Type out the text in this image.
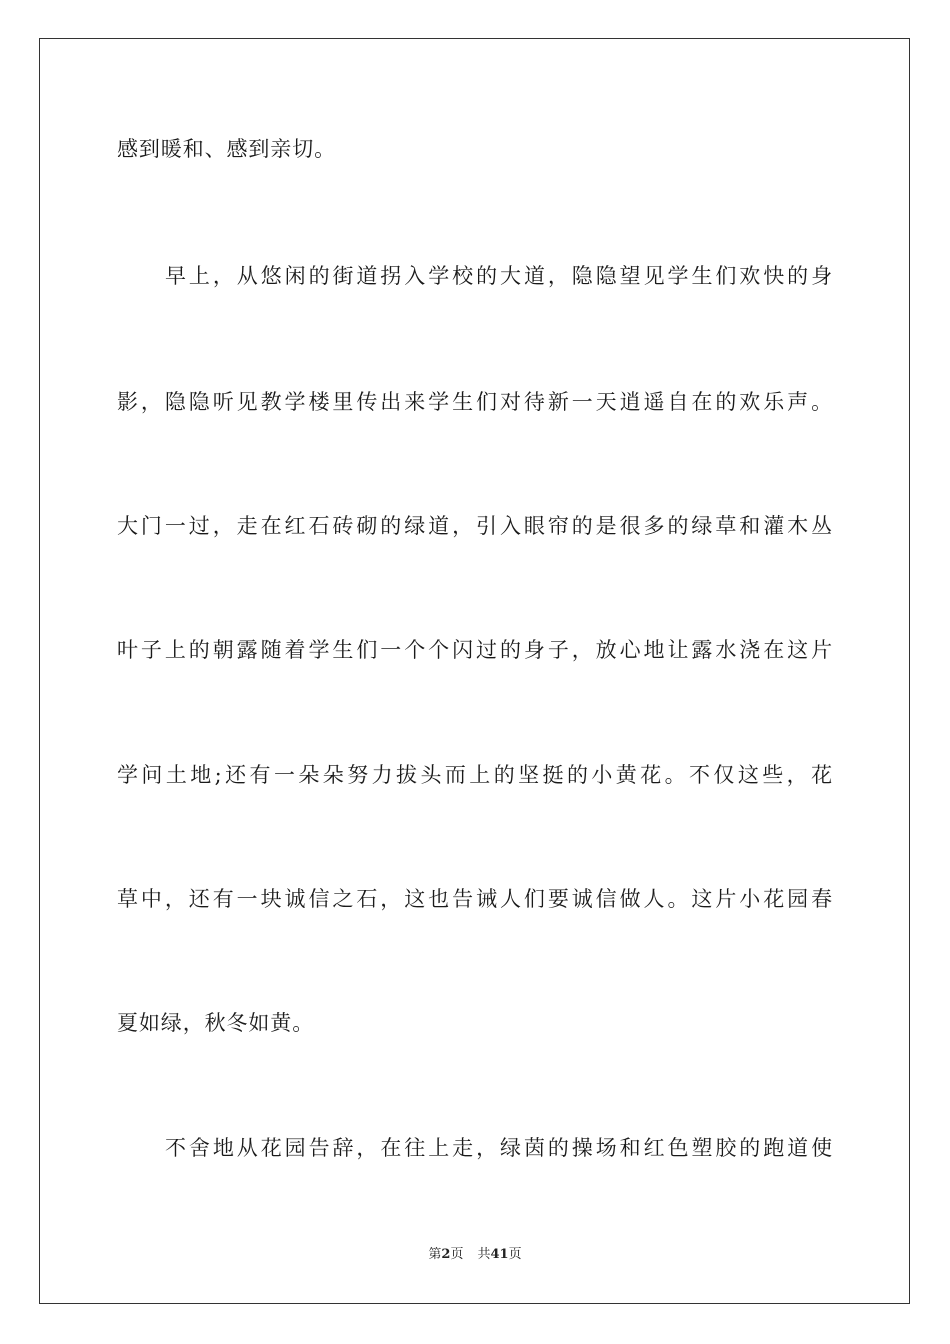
感到暖和、感到亲切。
早上，从悠闲的街道拐入学校的大道，隐隐望见学生们欢快的身
影，隐隐听见教学楼里传出来学生们对待新一天逍遥自在的欢乐声。
大门一过，走在红石砖砌的绿道，引入眼帘的是很多的绿草和灌木丛
叶子上的朝露随着学生们一个个闪过的身子，放心地让露水浇在这片
学问土地;还有一朵朵努力拔头而上的坚挺的小黄花。不仅这些，花
草中，还有一块诚信之石，这也告诫人们要诚信做人。这片小花园春
夏如绿，秋冬如黄。
不舍地从花园告辞，在往上走，绿茵的操场和红色塑胶的跑道使
第2页 共41页
